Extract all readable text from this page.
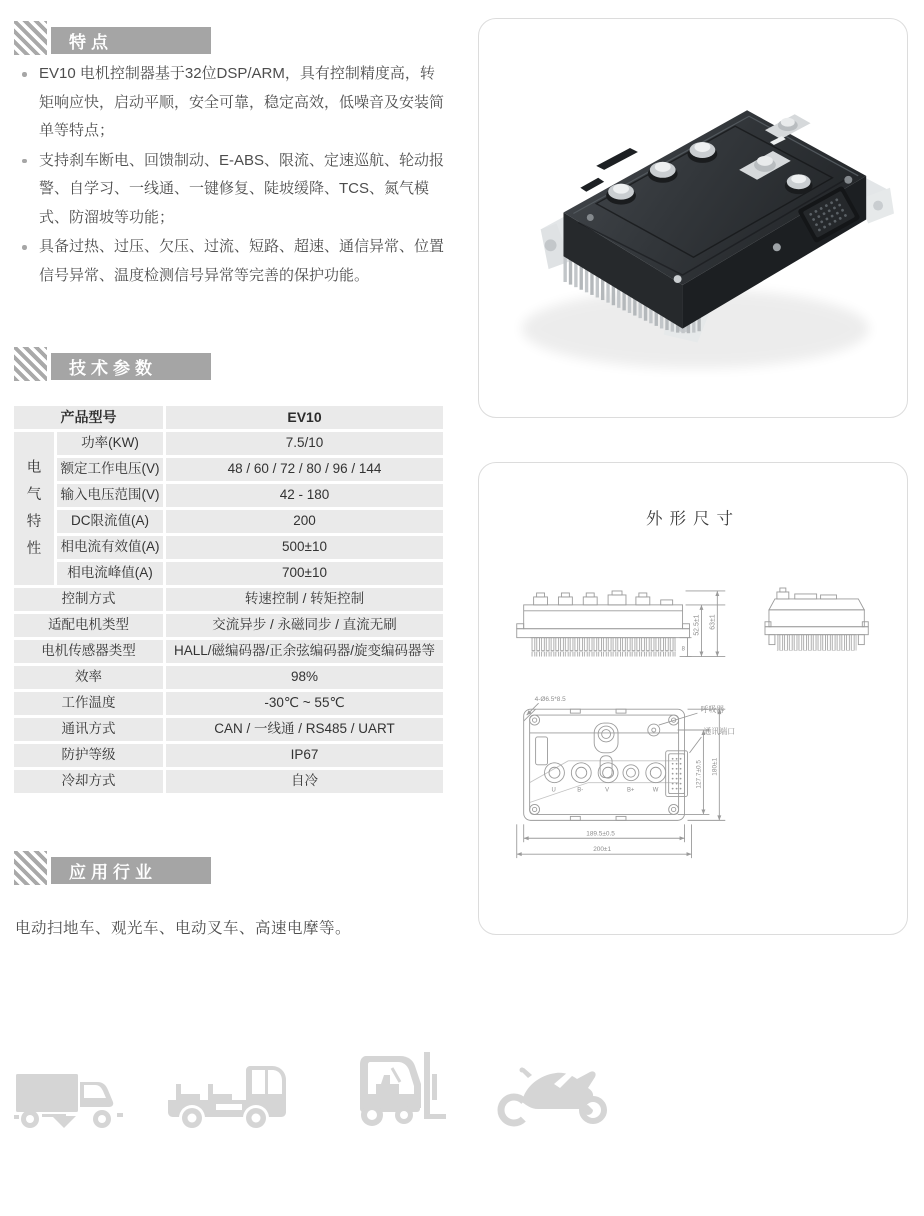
特点
EV10 电机控制器基于32位DSP/ARM，具有控制精度高，转矩响应快，启动平顺，安全可靠，稳定高效，低噪音及安装简单等特点；
支持刹车断电、回馈制动、E-ABS、限流、定速巡航、轮动报警、自学习、一线通、一键修复、陡坡缓降、TCS、氮气模式、防溜坡等功能；
具备过热、过压、欠压、过流、短路、超速、通信异常、位置信号异常、温度检测信号异常等完善的保护功能。
技术参数
产品型号	EV10
电气特性
功率(KW)	7.5/10
额定工作电压(V)	48 / 60 / 72 / 80 / 96 / 144
输入电压范围(V)	42 - 180
DC限流值(A)	200
相电流有效值(A)	500±10
相电流峰值(A)	700±10
控制方式	转速控制 / 转矩控制
适配电机类型	交流异步 / 永磁同步 / 直流无刷
电机传感器类型	HALL/磁编码器/正余弦编码器/旋变编码器等
效率	98%
工作温度	-30℃ ~ 55℃
通讯方式	CAN / 一线通 / RS485 / UART
防护等级	IP67
冷却方式	自冷
应用行业
电动扫地车、观光车、电动叉车、高速电摩等。
外形尺寸
52.5±1 63±1
8
4-Ø6.5*8.5
呼吸器
通讯端口
189.5±0.5
200±1
127.7±0.5 180±1
U	B-	V	B+	W
